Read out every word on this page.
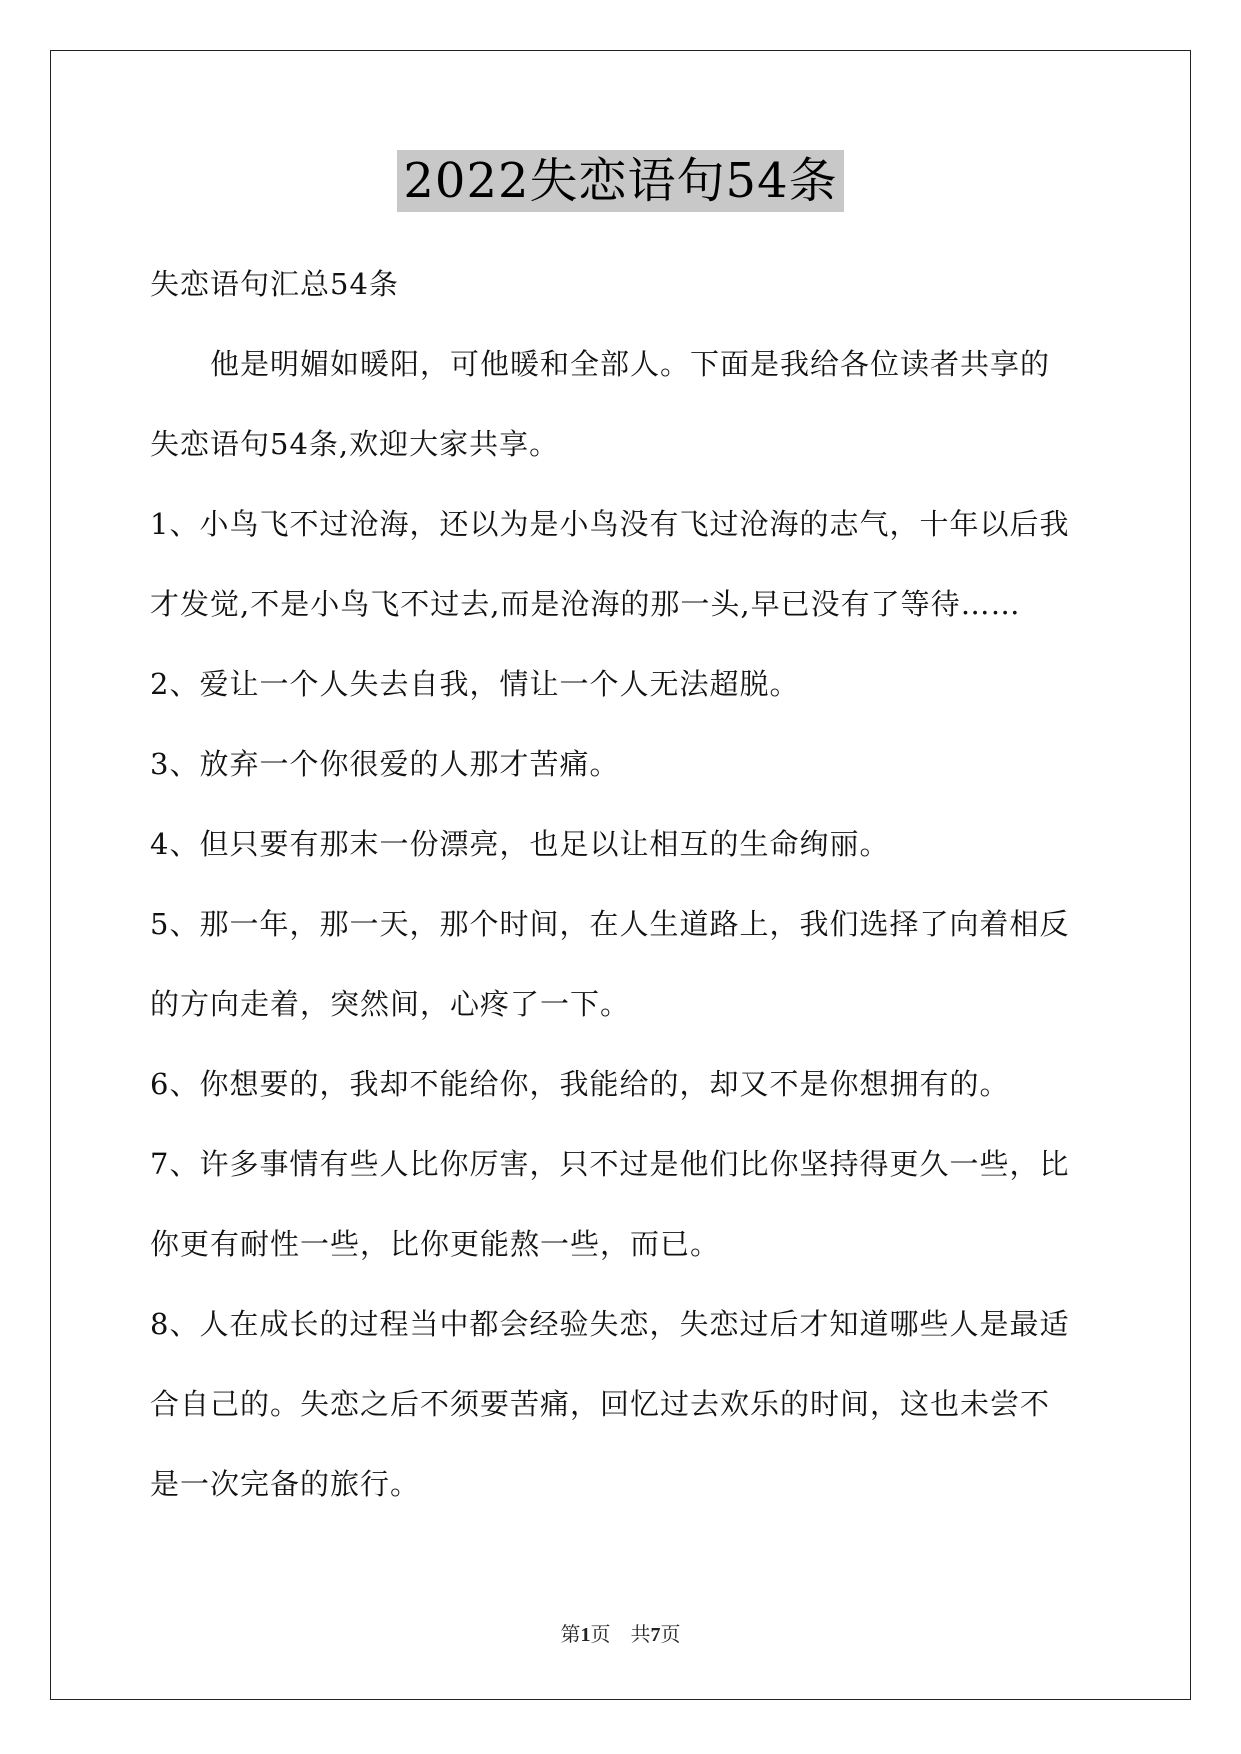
2022失恋语句54条
失恋语句汇总54条
　　他是明媚如暖阳，可他暖和全部人。下面是我给各位读者共享的
失恋语句54条,欢迎大家共享。
1、小鸟飞不过沧海，还以为是小鸟没有飞过沧海的志气，十年以后我
才发觉,不是小鸟飞不过去,而是沧海的那一头,早已没有了等待……
2、爱让一个人失去自我，情让一个人无法超脱。
3、放弃一个你很爱的人那才苦痛。
4、但只要有那末一份漂亮，也足以让相互的生命绚丽。
5、那一年，那一天，那个时间，在人生道路上，我们选择了向着相反
的方向走着，突然间，心疼了一下。
6、你想要的，我却不能给你，我能给的，却又不是你想拥有的。
7、许多事情有些人比你厉害，只不过是他们比你坚持得更久一些，比
你更有耐性一些，比你更能熬一些，而已。
8、人在成长的过程当中都会经验失恋，失恋过后才知道哪些人是最适
合自己的。失恋之后不须要苦痛，回忆过去欢乐的时间，这也未尝不
是一次完备的旅行。
第1页　共7页
